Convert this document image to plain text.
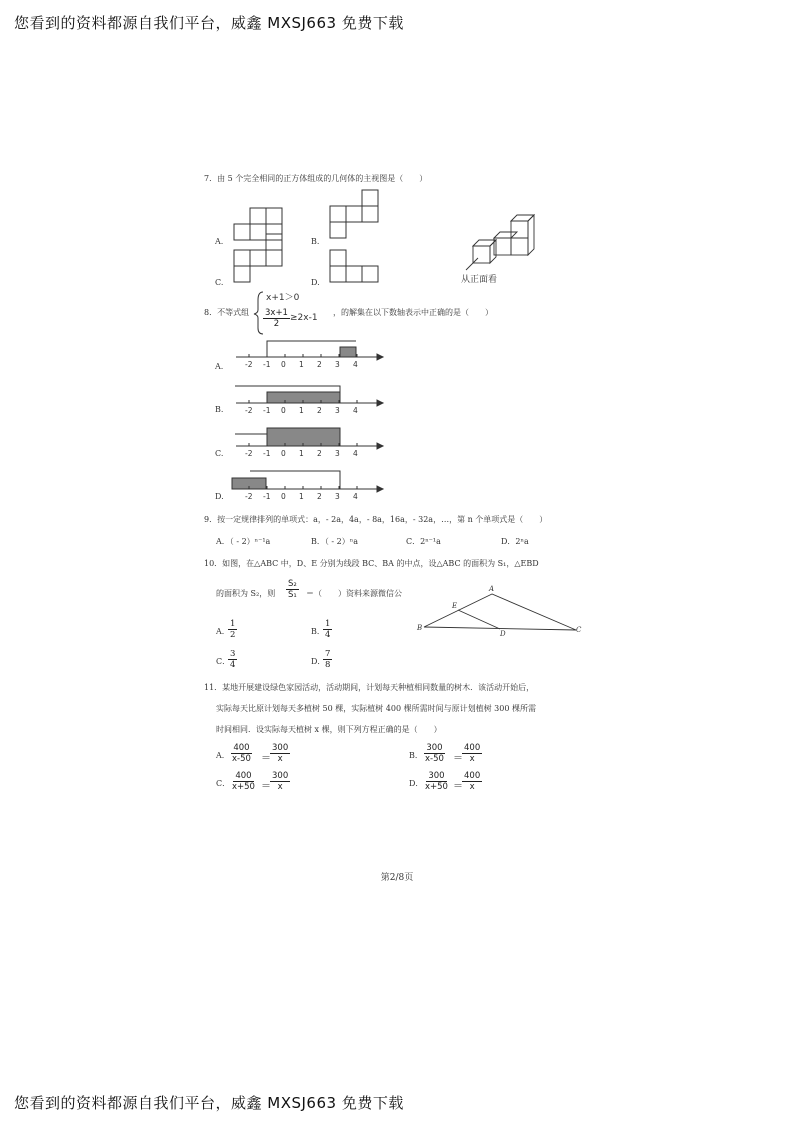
您看到的资料都源自我们平台，威鑫 MXSJ663 免费下载
7．由 5 个完全相同的正方体组成的几何体的主视图是（　　）
A.	B.
C.	D.	从正面看
8．不等式组
x+1＞0
$\frac{3x+1}{2} \ge 2x-1$
，的解集在以下数轴表示中正确的是（　　）
A.
B.
C.
D.
-2 -1 0 1 2 3 4
-2 -1 0 1 2 3 4
-2 -1 0 1 2 3 4
-2 -1 0 1 2 3 4
9．按一定规律排列的单项式：a，- 2a，4a，- 8a，16a，- 32a，…，第 n 个单项式是（　　）
A．（ - 2）ⁿ⁻¹a	B．（ - 2）ⁿa	C．2ⁿ⁻¹a	D．2ⁿa
10．如图，在△ABC 中，D、E 分别为线段 BC、BA 的中点，设△ABC 的面积为 S₁，△EBD
的面积为 S₂，则 $\frac{\text{S₂}}{\text{S₁}}$ ＝（　　）资料来源微信公	A
B	C
D
E
A．
$\frac{1}{2}$	B．
$\frac{1}{4}$
C．
$\frac{3}{4}$	D．
$\frac{7}{8}$
11．某地开展建设绿色家园活动，活动期间，计划每天种植相同数量的树木．该活动开始后，
实际每天比原计划每天多植树 50 棵，实际植树 400 棵所需时间与原计划植树 300 棵所需
时间相同．设实际每天植树 x 棵，则下列方程正确的是（　　）
A． $\frac{400}{x-50} = \frac{300}{x}$	B． $\frac{300}{x-50} = \frac{400}{x}$
C． $\frac{400}{x+50} = \frac{300}{x}$	D． $\frac{300}{x+50} = \frac{400}{x}$
第2/8页
您看到的资料都源自我们平台，威鑫 MXSJ663 免费下载
